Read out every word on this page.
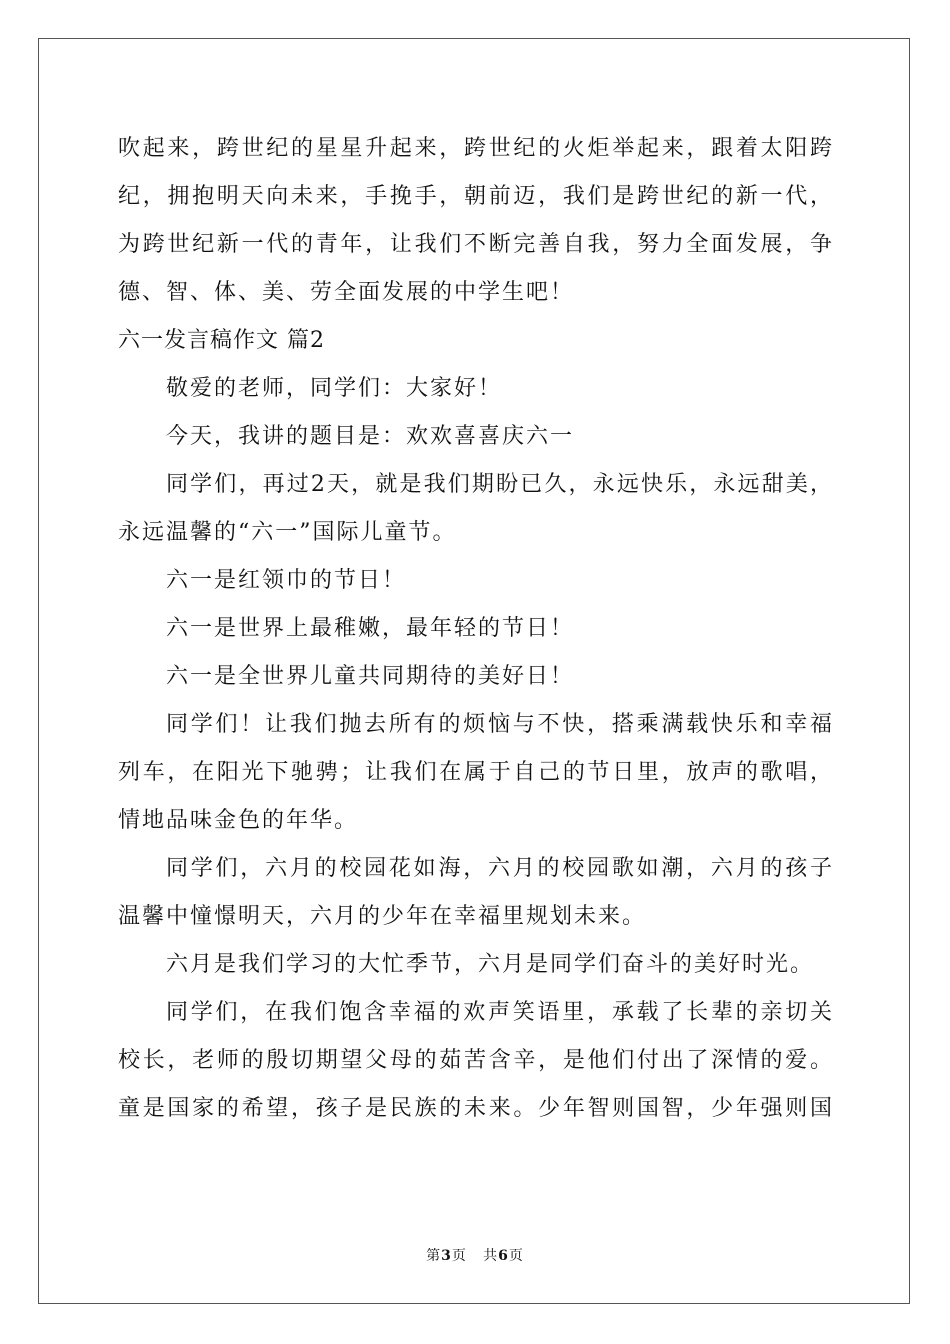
吹起来，跨世纪的星星升起来，跨世纪的火炬举起来，跟着太阳跨
纪，拥抱明天向未来，手挽手，朝前迈，我们是跨世纪的新一代，
为跨世纪新一代的青年，让我们不断完善自我，努力全面发展，争
德、智、体、美、劳全面发展的中学生吧！
六一发言稿作文 篇2
敬爱的老师，同学们：大家好！
今天，我讲的题目是：欢欢喜喜庆六一
同学们，再过2天，就是我们期盼已久，永远快乐，永远甜美，
永远温馨的“六一”国际儿童节。
六一是红领巾的节日！
六一是世界上最稚嫩，最年轻的节日！
六一是全世界儿童共同期待的美好日！
同学们！让我们抛去所有的烦恼与不快，搭乘满载快乐和幸福
列车，在阳光下驰骋；让我们在属于自己的节日里，放声的歌唱，
情地品味金色的年华。
同学们，六月的校园花如海，六月的校园歌如潮，六月的孩子
温馨中憧憬明天，六月的少年在幸福里规划未来。
六月是我们学习的大忙季节，六月是同学们奋斗的美好时光。
同学们，在我们饱含幸福的欢声笑语里，承载了长辈的亲切关
校长，老师的殷切期望父母的茹苦含辛，是他们付出了深情的爱。
童是国家的希望，孩子是民族的未来。少年智则国智，少年强则国
第3页 共6页
